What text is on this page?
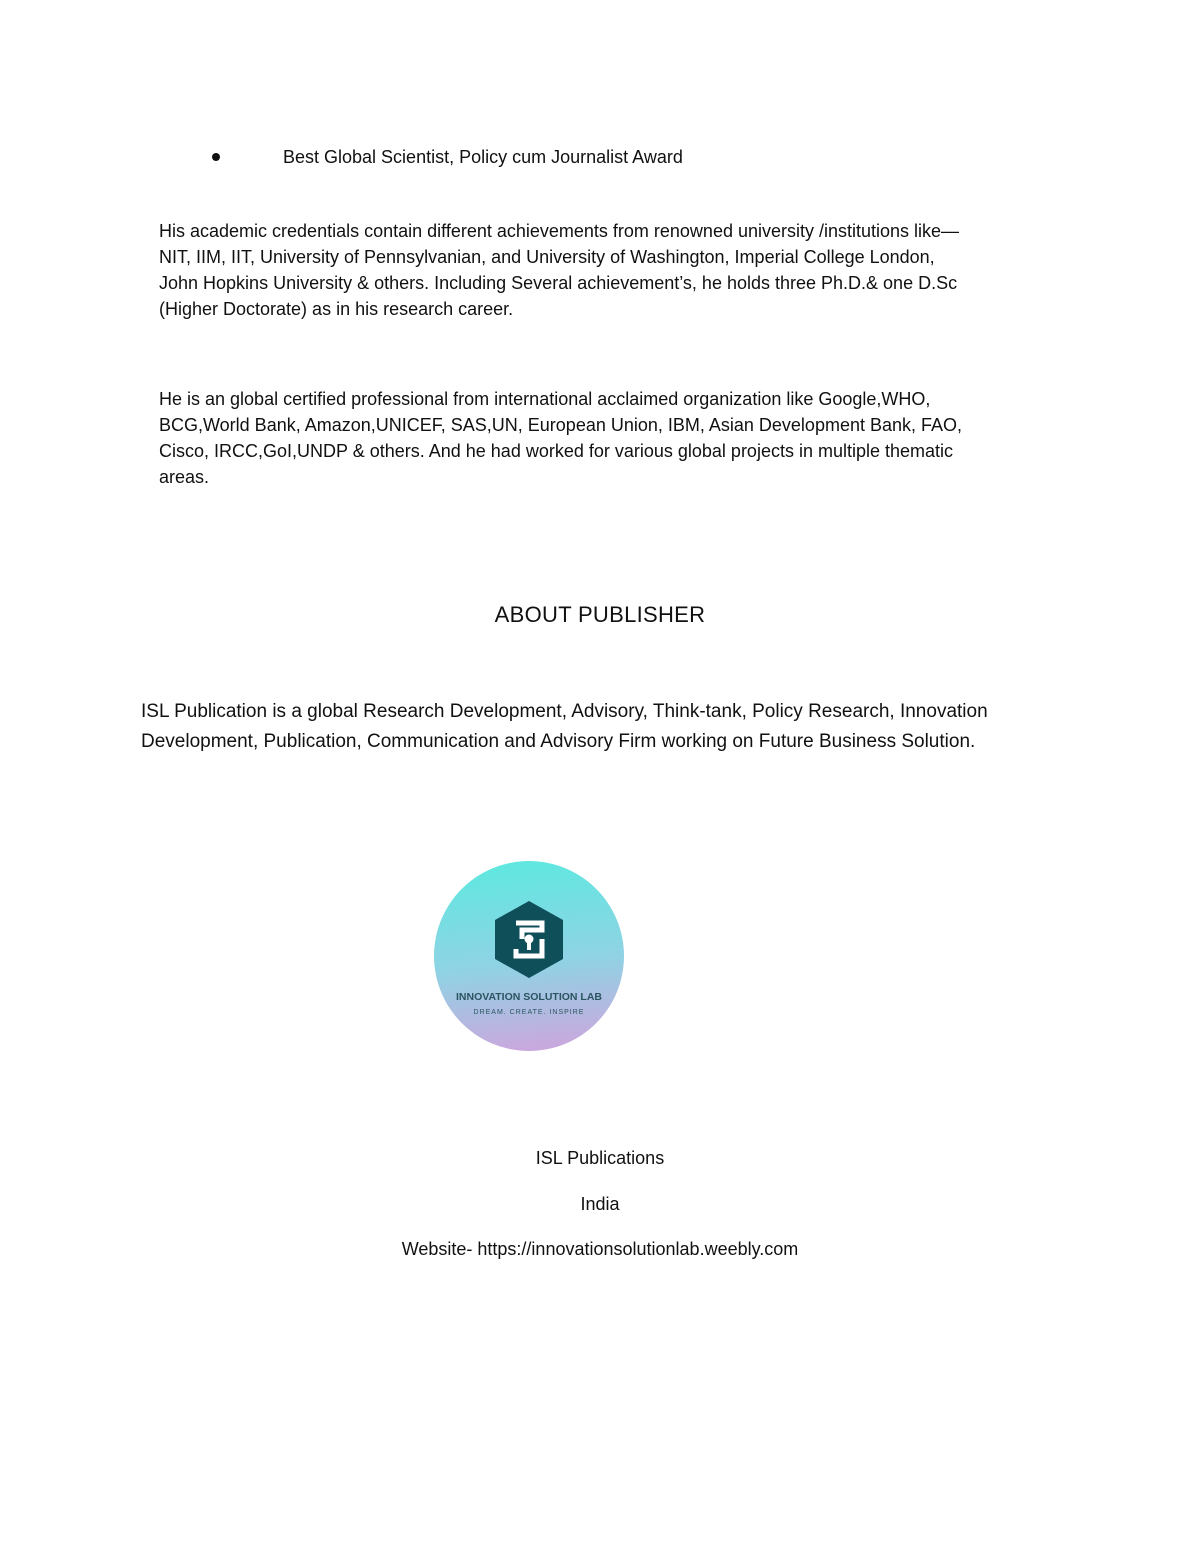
Best Global Scientist, Policy cum Journalist Award
His academic credentials contain different achievements from renowned university /institutions like—
NIT, IIM, IIT, University of Pennsylvanian, and University of Washington, Imperial College London,
John Hopkins University & others. Including Several achievement’s, he holds three Ph.D.& one D.Sc
(Higher Doctorate) as in his research career.
He is an global certified professional from international acclaimed organization like Google,WHO,
BCG,World Bank, Amazon,UNICEF, SAS,UN, European Union, IBM, Asian Development Bank, FAO,
Cisco, IRCC,GoI,UNDP & others. And he had worked for various global projects in multiple thematic
areas.
ABOUT PUBLISHER
ISL Publication is a global Research Development, Advisory, Think-tank, Policy Research, Innovation
Development, Publication, Communication and Advisory Firm working on Future Business Solution.
INNOVATION SOLUTION LAB
DREAM. CREATE. INSPIRE
ISL Publications
India
Website- https://innovationsolutionlab.weebly.com
